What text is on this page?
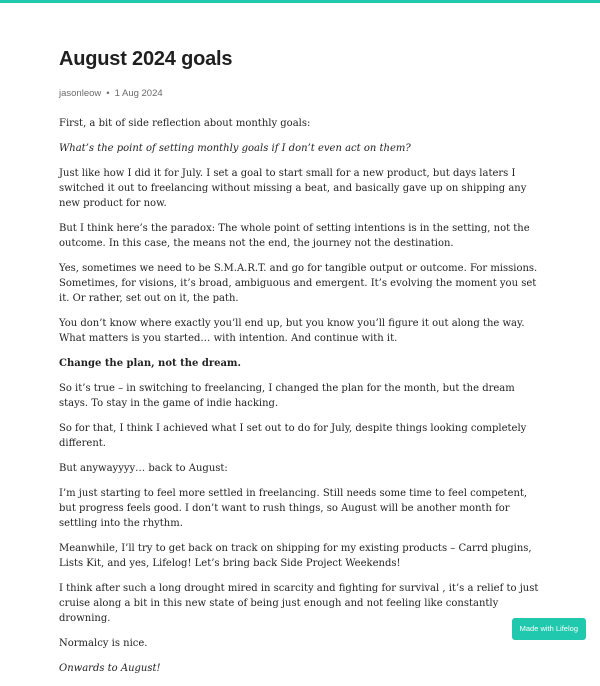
August 2024 goals
jasonleow • 1 Aug 2024

First, a bit of side reflection about monthly goals:

What’s the point of setting monthly goals if I don’t even act on them?

Just like how I did it for July. I set a goal to start small for a new product, but days laters I switched it out to freelancing without missing a beat, and basically gave up on shipping any new product for now.

But I think here’s the paradox: The whole point of setting intentions is in the setting, not the outcome. In this case, the means not the end, the journey not the destination.

Yes, sometimes we need to be S.M.A.R.T. and go for tangible output or outcome. For missions. Sometimes, for visions, it’s broad, ambiguous and emergent. It’s evolving the moment you set it. Or rather, set out on it, the path.

You don’t know where exactly you’ll end up, but you know you’ll figure it out along the way. What matters is you started… with intention. And continue with it.

Change the plan, not the dream.

So it’s true – in switching to freelancing, I changed the plan for the month, but the dream stays. To stay in the game of indie hacking.

So for that, I think I achieved what I set out to do for July, despite things looking completely different.

But anywayyyy… back to August:

I’m just starting to feel more settled in freelancing. Still needs some time to feel competent, but progress feels good. I don’t want to rush things, so August will be another month for settling into the rhythm.

Meanwhile, I’ll try to get back on track on shipping for my existing products – Carrd plugins, Lists Kit, and yes, Lifelog! Let’s bring back Side Project Weekends!

I think after such a long drought mired in scarcity and fighting for survival , it’s a relief to just cruise along a bit in this new state of being just enough and not feeling like constantly drowning.

Normalcy is nice.

Onwards to August!

Made with Lifelog
